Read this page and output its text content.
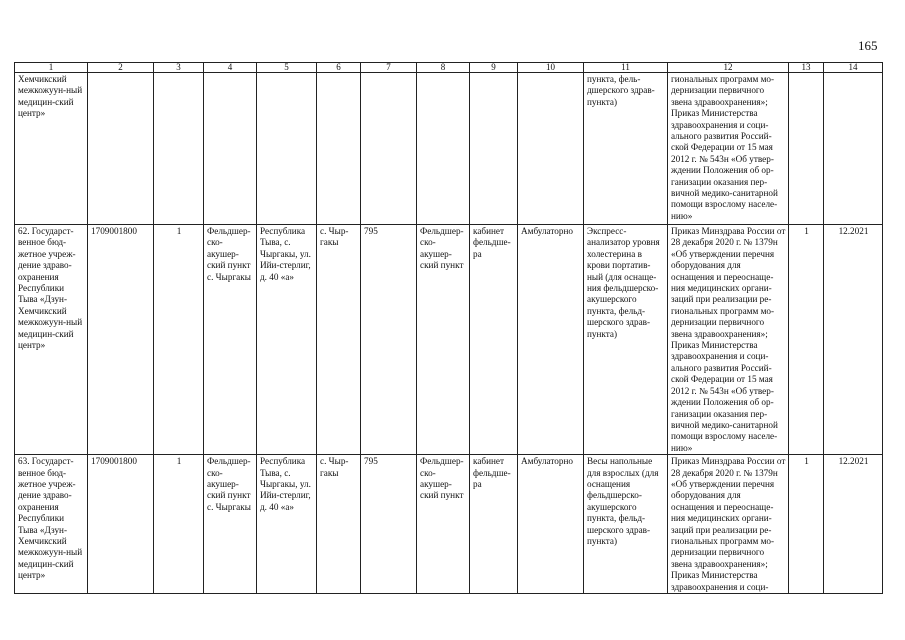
165
1	2	3	4	5	6	7	8	9	10	11	12	13	14
Хемчикский межкожуун-ный медицин-ский центр»										пункта, фель-дшерского здрав-пункта)	гиональных программ мо-дернизации первичного звена здравоохранения»; Приказ Министерства здравоохранения и соци-ального развития Россий-ской Федерации от 15 мая 2012 г. № 543н «Об утвер-ждении Положения об ор-ганизации оказания пер-вичной медико-санитарной помощи взрослому населе-нию»		
62. Государст-венное бюд-жетное учреж-дение здраво-охранения Республики Тыва «Дзун-Хемчикский межкожуун-ный медицин-ский центр»	1709001800	1	Фельдшер-ско-акушер-ский пункт с. Чыргакы	Республика Тыва, с. Чыргакы, ул. Ийи-стерлиг, д. 40 «а»	с. Чыр-гакы	795	Фельдшер-ско-акушер-ский пункт	кабинет фельдше-ра	Амбулаторно	Экспресс-анализатор уровня холестерина в крови портатив-ный (для оснаще-ния фельдшерско-акушерского пункта, фельд-шерского здрав-пункта)	Приказ Минздрава России от 28 декабря 2020 г. № 1379н «Об утверждении перечня оборудования для оснащения и переоснаще-ния медицинских органи-заций при реализации ре-гиональных программ мо-дернизации первичного звена здравоохранения»; Приказ Министерства здравоохранения и соци-ального развития Россий-ской Федерации от 15 мая 2012 г. № 543н «Об утвер-ждении Положения об ор-ганизации оказания пер-вичной медико-санитарной помощи взрослому населе-нию»	1	12.2021
63. Государст-венное бюд-жетное учреж-дение здраво-охранения Республики Тыва «Дзун-Хемчикский межкожуун-ный медицин-ский центр»	1709001800	1	Фельдшер-ско-акушер-ский пункт с. Чыргакы	Республика Тыва, с. Чыргакы, ул. Ийи-стерлиг, д. 40 «а»	с. Чыр-гакы	795	Фельдшер-ско-акушер-ский пункт	кабинет фельдше-ра	Амбулаторно	Весы напольные для взрослых (для оснащения фельдшерско-акушерского пункта, фельд-шерского здрав-пункта)	Приказ Минздрава России от 28 декабря 2020 г. № 1379н «Об утверждении перечня оборудования для оснащения и переоснаще-ния медицинских органи-заций при реализации ре-гиональных программ мо-дернизации первичного звена здравоохранения»; Приказ Министерства здравоохранения и соци-	1	12.2021
